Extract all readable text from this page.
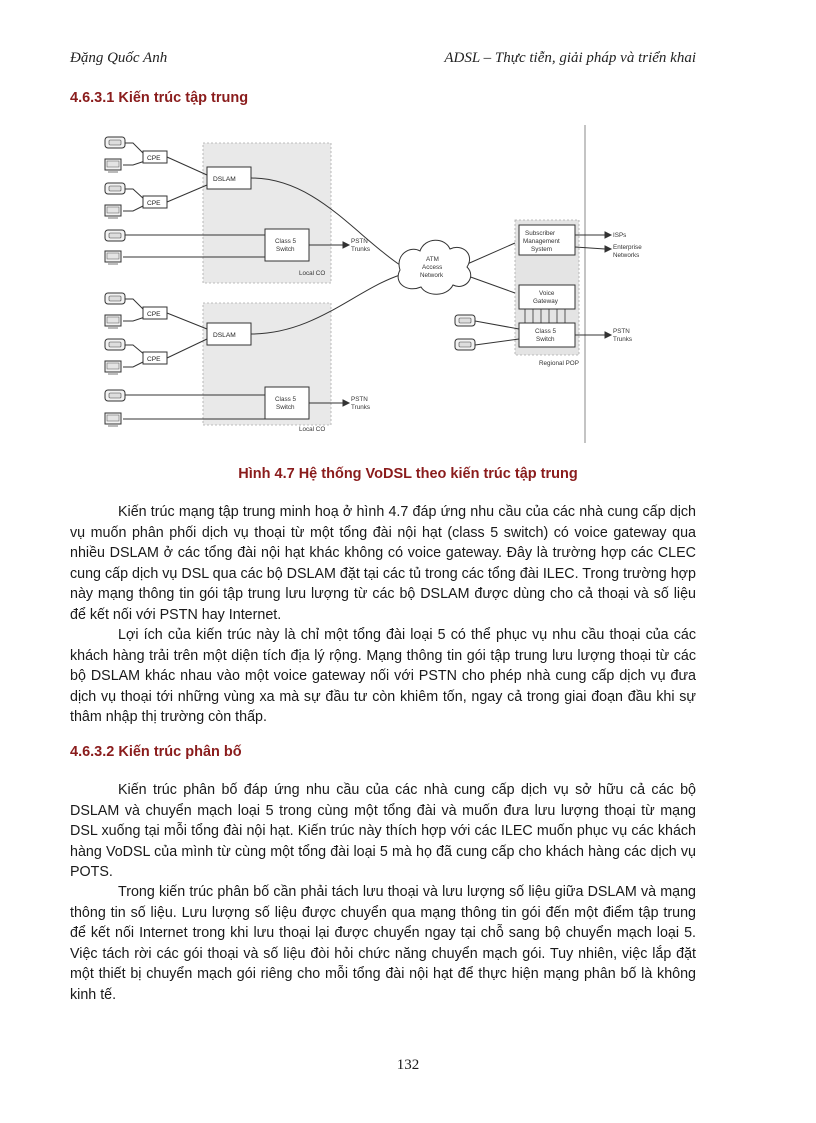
Đặng Quốc Anh	ADSL – Thực tiễn, giải pháp và triển khai
4.6.3.1 Kiến trúc tập trung
CPE
CPE
CPE
CPE
DSLAM
DSLAM
Class 5
Switch
Class 5
Switch
PSTN
Trunks
PSTN
Trunks
Local CO
Local CO
ATM
Access
Network
Subscriber
Management
System
Voice
Gateway
Class 5
Switch
Regional POP
ISPs
Enterprise
Networks
PSTN
Trunks
Hình 4.7 Hệ thống VoDSL theo kiến trúc tập trung

Kiến trúc mạng tập trung minh hoạ ở hình 4.7 đáp ứng nhu cầu của các nhà cung cấp dịch vụ muốn phân phối dịch vụ thoại từ một tổng đài nội hạt (class 5 switch) có voice gateway qua nhiều DSLAM ở các tổng đài nội hạt khác không có voice gateway. Đây là trường hợp các CLEC cung cấp dịch vụ DSL qua các bộ DSLAM đặt tại các tủ trong các tổng đài ILEC. Trong trường hợp này mạng thông tin gói tập trung lưu lượng từ các bộ DSLAM được dùng cho cả thoại và số liệu để kết nối với PSTN hay Internet.

Lợi ích của kiến trúc này là chỉ một tổng đài loại 5 có thể phục vụ nhu cầu thoại của các khách hàng trải trên một diện tích địa lý rộng. Mạng thông tin gói tập trung lưu lượng thoại từ các bộ DSLAM khác nhau vào một voice gateway nối với PSTN cho phép nhà cung cấp dịch vụ đưa dịch vụ thoại tới những vùng xa mà sự đầu tư còn khiêm tốn, ngay cả trong giai đoạn đầu khi sự thâm nhập thị trường còn thấp.

4.6.3.2 Kiến trúc phân bố

Kiến trúc phân bố đáp ứng nhu cầu của các nhà cung cấp dịch vụ sở hữu cả các bộ DSLAM và chuyển mạch loại 5 trong cùng một tổng đài và muốn đưa lưu lượng thoại từ mạng DSL xuống tại mỗi tổng đài nội hạt. Kiến trúc này thích hợp với các ILEC muốn phục vụ các khách hàng VoDSL của mình từ cùng một tổng đài loại 5 mà họ đã cung cấp cho khách hàng các dịch vụ POTS.

Trong kiến trúc phân bố cần phải tách lưu thoại và lưu lượng số liệu giữa DSLAM và mạng thông tin số liệu. Lưu lượng số liệu được chuyển qua mạng thông tin gói đến một điểm tập trung để kết nối Internet trong khi lưu thoại lại được chuyển ngay tại chỗ sang bộ chuyển mạch loại 5. Việc tách rời các gói thoại và số liệu đòi hỏi chức năng chuyển mạch gói. Tuy nhiên, việc lắp đặt một thiết bị chuyển mạch gói riêng cho mỗi tổng đài nội hạt để thực hiện mạng phân bố là không kinh tế.

132
